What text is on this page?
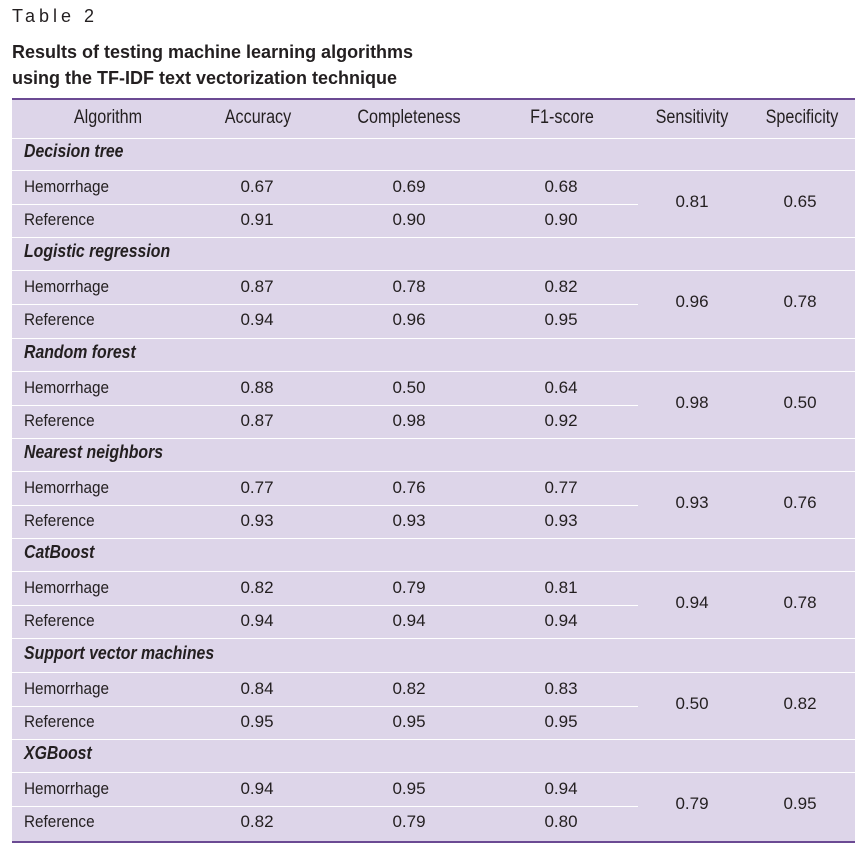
Table 2
Results of testing machine learning algorithms
using the TF-IDF text vectorization technique
Algorithm	Accuracy	Completeness	F1-score	Sensitivity	Specificity
Decision tree
Hemorrhage	0.67	0.69	0.68
Reference	0.91	0.90	0.90
0.81	0.65
Logistic regression
Hemorrhage	0.87	0.78	0.82
Reference	0.94	0.96	0.95
0.96	0.78
Random forest
Hemorrhage	0.88	0.50	0.64
Reference	0.87	0.98	0.92
0.98	0.50
Nearest neighbors
Hemorrhage	0.77	0.76	0.77
Reference	0.93	0.93	0.93
0.93	0.76
CatBoost
Hemorrhage	0.82	0.79	0.81
Reference	0.94	0.94	0.94
0.94	0.78
Support vector machines
Hemorrhage	0.84	0.82	0.83
Reference	0.95	0.95	0.95
0.50	0.82
XGBoost
Hemorrhage	0.94	0.95	0.94
Reference	0.82	0.79	0.80
0.79	0.95
